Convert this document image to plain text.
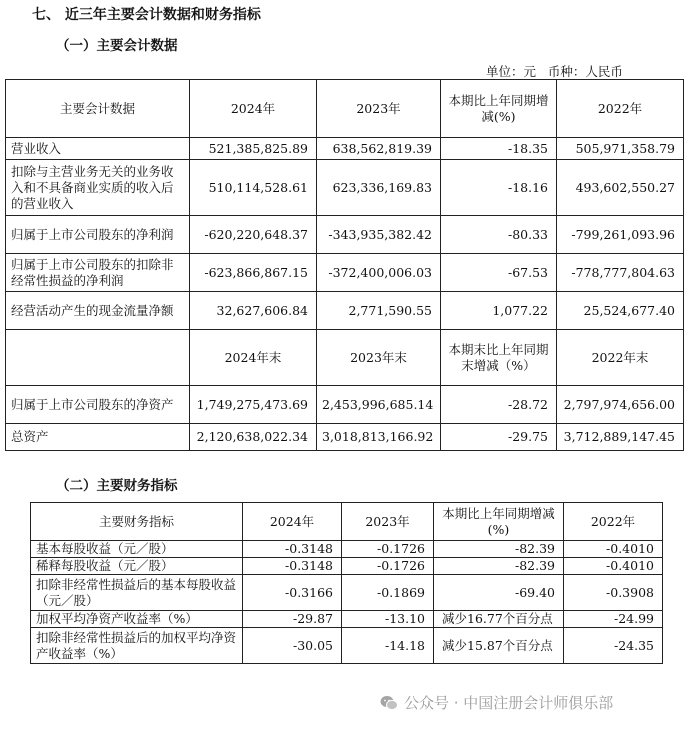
七、 近三年主要会计数据和财务指标
（一）主要会计数据
单位：元   币种：人民币
主要会计数据	2024年	2023年	本期比上年同期增减(%)	2022年
营业收入	521,385,825.89	638,562,819.39	-18.35	505,971,358.79
扣除与主营业务无关的业务收入和不具备商业实质的收入后的营业收入	510,114,528.61	623,336,169.83	-18.16	493,602,550.27
归属于上市公司股东的净利润	-620,220,648.37	-343,935,382.42	-80.33	-799,261,093.96
归属于上市公司股东的扣除非经常性损益的净利润	-623,866,867.15	-372,400,006.03	-67.53	-778,777,804.63
经营活动产生的现金流量净额	32,627,606.84	2,771,590.55	1,077.22	25,524,677.40
	2024年末	2023年末	本期末比上年同期末增减（%）	2022年末
归属于上市公司股东的净资产	1,749,275,473.69	2,453,996,685.14	-28.72	2,797,974,656.00
总资产	2,120,638,022.34	3,018,813,166.92	-29.75	3,712,889,147.45
（二）主要财务指标
主要财务指标	2024年	2023年	本期比上年同期增减(%)	2022年
基本每股收益（元／股）	-0.3148	-0.1726	-82.39	-0.4010
稀释每股收益（元／股）	-0.3148	-0.1726	-82.39	-0.4010
扣除非经常性损益后的基本每股收益（元／股）	-0.3166	-0.1869	-69.40	-0.3908
加权平均净资产收益率（%）	-29.87	-13.10	减少16.77个百分点	-24.99
扣除非经常性损益后的加权平均净资产收益率（%）	-30.05	-14.18	减少15.87个百分点	-24.35
公众号 · 中国注册会计师俱乐部
